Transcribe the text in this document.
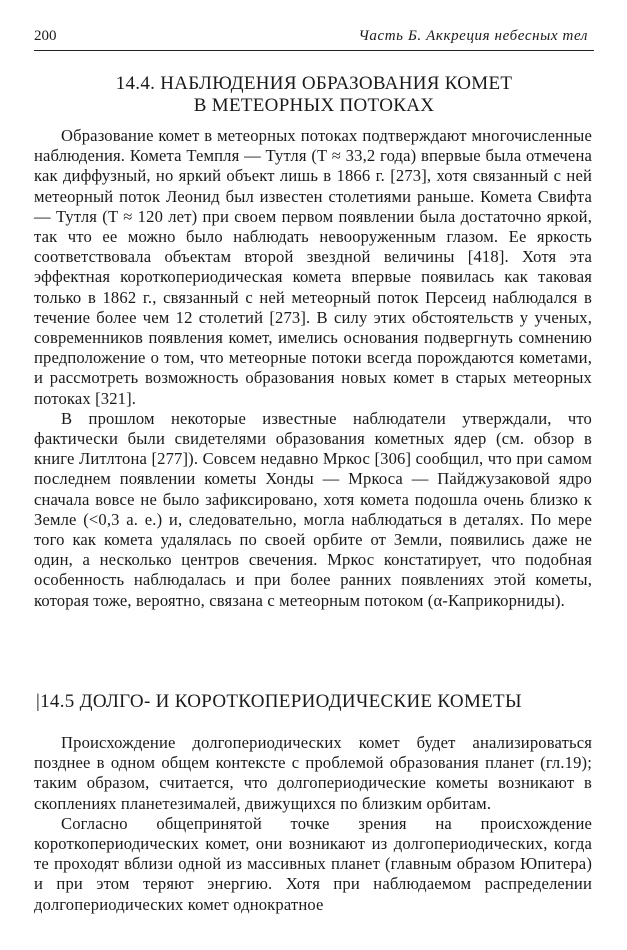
200	Часть Б. Аккреция небесных тел
14.4. НАБЛЮДЕНИЯ ОБРАЗОВАНИЯ КОМЕТ
В МЕТЕОРНЫХ ПОТОКАХ

Образование комет в метеорных потоках подтверждают многочисленные наблюдения. Комета Темпля — Тутля (T ≈ 33,2 года) впервые была отмечена как диффузный, но яркий объект лишь в 1866 г. [273], хотя связанный с ней метеорный поток Леонид был известен столетиями раньше. Комета Свифта — Тутля (T ≈ 120 лет) при своем первом появлении была достаточно яркой, так что ее можно было наблюдать невооруженным глазом. Ее яркость соответствовала объектам второй звездной величины [418]. Хотя эта эффектная короткопериодическая комета впервые появилась как таковая только в 1862 г., связанный с ней метеорный поток Персеид наблюдался в течение более чем 12 столетий [273]. В силу этих обстоятельств у ученых, современников появления комет, имелись основания подвергнуть сомнению предположение о том, что метеорные потоки всегда порождаются кометами, и рассмотреть возможность образования новых комет в старых метеорных потоках [321].

В прошлом некоторые известные наблюдатели утверждали, что фактически были свидетелями образования кометных ядер (см. обзор в книге Литлтона [277]). Совсем недавно Мркос [306] сообщил, что при самом последнем появлении кометы Хонды — Мркоса — Пайджузаковой ядро сначала вовсе не было зафиксировано, хотя комета подошла очень близко к Земле (<0,3 а. е.) и, следовательно, могла наблюдаться в деталях. По мере того как комета удалялась по своей орбите от Земли, появились даже не один, а несколько центров свечения. Мркос констатирует, что подобная особенность наблюдалась и при более ранних появлениях этой кометы, которая тоже, вероятно, связана с метеорным потоком (α-Каприкорниды).

|14.5 ДОЛГО- И КОРОТКОПЕРИОДИЧЕСКИЕ КОМЕТЫ

Происхождение долгопериодических комет будет анализироваться позднее в одном общем контексте с проблемой образования планет (гл.19); таким образом, считается, что долгопериодические кометы возникают в скоплениях планетезималей, движущихся по близким орбитам.

Согласно общепринятой точке зрения на происхождение короткопериодических комет, они возникают из долгопериодических, когда те проходят вблизи одной из массивных планет (главным образом Юпитера) и при этом теряют энергию. Хотя при наблюдаемом распределении долгопериодических комет однократное
